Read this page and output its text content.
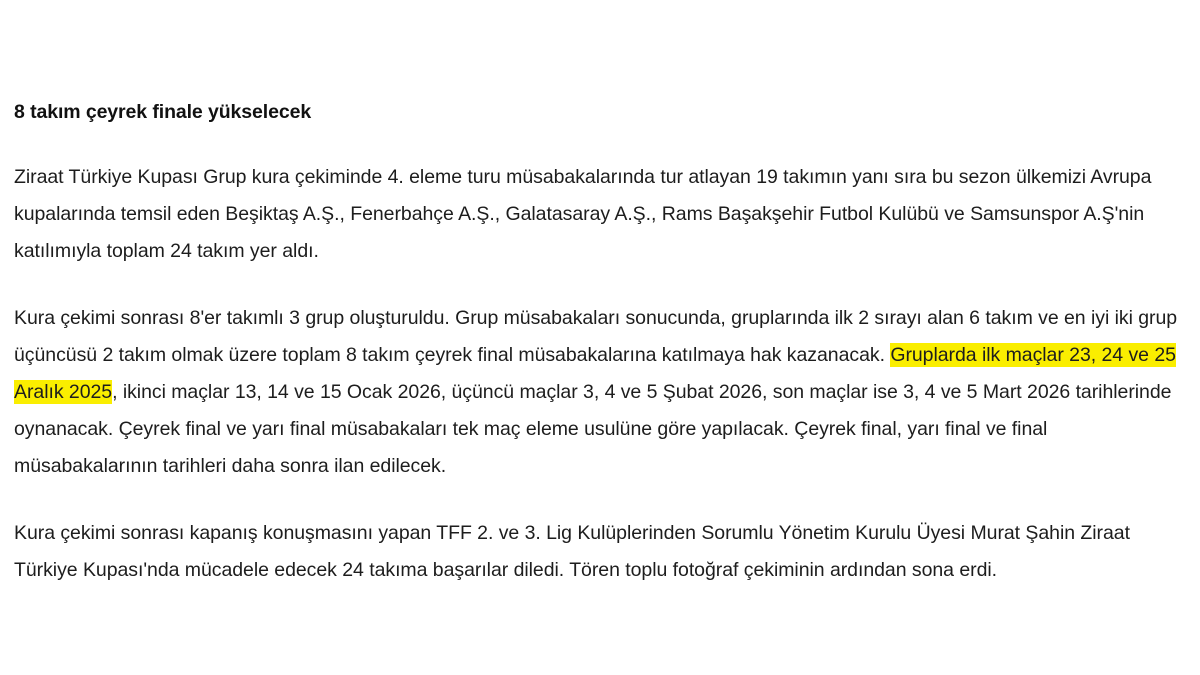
8 takım çeyrek finale yükselecek

Ziraat Türkiye Kupası Grup kura çekiminde 4. eleme turu müsabakalarında tur atlayan 19 takımın yanı sıra bu sezon ülkemizi Avrupa kupalarında temsil eden Beşiktaş A.Ş., Fenerbahçe A.Ş., Galatasaray A.Ş., Rams Başakşehir Futbol Kulübü ve Samsunspor A.Ş'nin katılımıyla toplam 24 takım yer aldı.

Kura çekimi sonrası 8'er takımlı 3 grup oluşturuldu. Grup müsabakaları sonucunda, gruplarında ilk 2 sırayı alan 6 takım ve en iyi iki grup üçüncüsü 2 takım olmak üzere toplam 8 takım çeyrek final müsabakalarına katılmaya hak kazanacak. Gruplarda ilk maçlar 23, 24 ve 25 Aralık 2025, ikinci maçlar 13, 14 ve 15 Ocak 2026, üçüncü maçlar 3, 4 ve 5 Şubat 2026, son maçlar ise 3, 4 ve 5 Mart 2026 tarihlerinde oynanacak. Çeyrek final ve yarı final müsabakaları tek maç eleme usulüne göre yapılacak. Çeyrek final, yarı final ve final müsabakalarının tarihleri daha sonra ilan edilecek.

Kura çekimi sonrası kapanış konuşmasını yapan TFF 2. ve 3. Lig Kulüplerinden Sorumlu Yönetim Kurulu Üyesi Murat Şahin Ziraat Türkiye Kupası'nda mücadele edecek 24 takıma başarılar diledi. Tören toplu fotoğraf çekiminin ardından sona erdi.
